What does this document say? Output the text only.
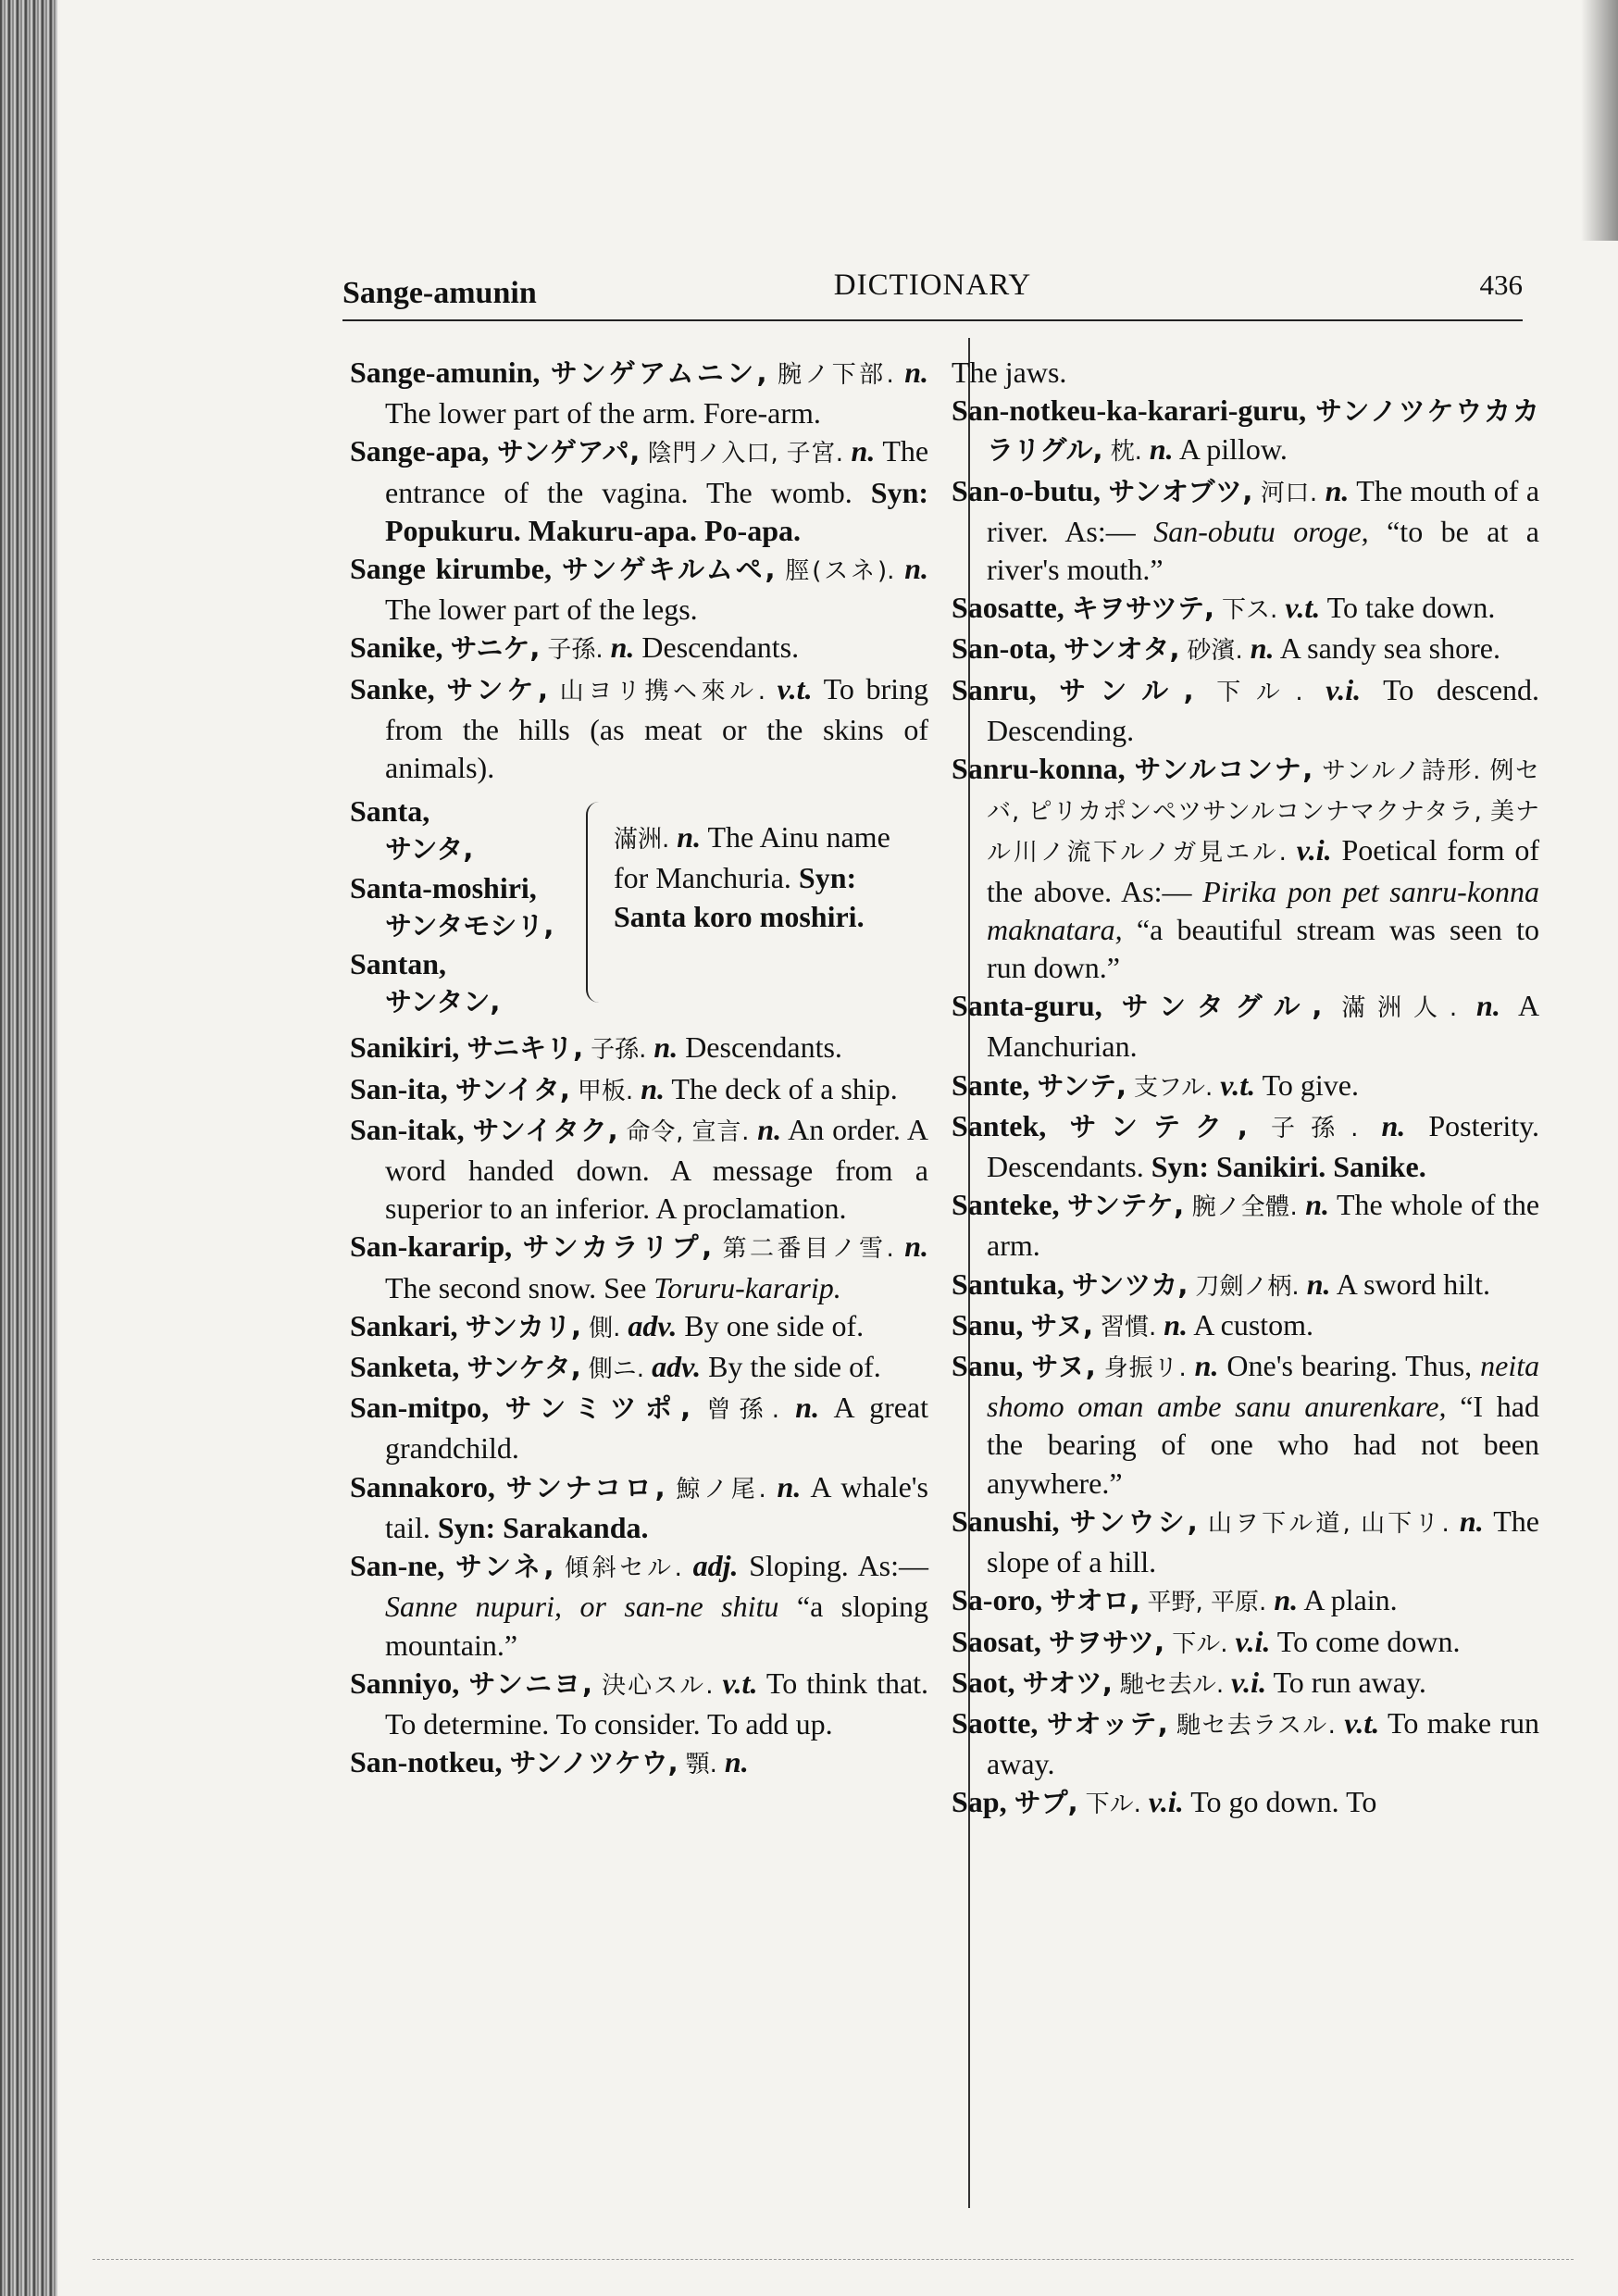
Sange-amunin	DICTIONARY	436

Sange-amunin, サンゲアムニン, 腕ノ下部. n. The lower part of the arm. Fore-arm.

Sange-apa, サンゲアパ, 陰門ノ入口, 子宮. n. The entrance of the vagina. The womb. Syn: Popukuru. Makuru-apa. Po-apa.

Sange kirumbe, サンゲキルムペ, 脛(スネ). n. The lower part of the legs.

Sanike, サニケ, 子孫. n. Descendants.

Sanke, サンケ, 山ヨリ携ヘ來ル. v.t. To bring from the hills (as meat or the skins of animals).

Santa,
サンタ,
Santa-moshiri,
サンタモシリ,
Santan,
サンタン,
滿洲. n. The Ainu name for Manchuria. Syn: Santa koro moshiri.

Sanikiri, サニキリ, 子孫. n. Descendants.

San-ita, サンイタ, 甲板. n. The deck of a ship.

San-itak, サンイタク, 命令, 宣言. n. An order. A word handed down. A message from a superior to an inferior. A proclamation.

San-kararip, サンカラリプ, 第二番目ノ雪. n. The second snow. See Toruru-kararip.

Sankari, サンカリ, 側. adv. By one side of.

Sanketa, サンケタ, 側ニ. adv. By the side of.

San-mitpo, サンミツポ, 曾孫. n. A great grandchild.

Sannakoro, サンナコロ, 鯨ノ尾. n. A whale's tail. Syn: Sarakanda.

San-ne, サンネ, 傾斜セル. adj. Sloping. As:— Sanne nupuri, or san-ne shitu “a sloping mountain.”

Sanniyo, サンニヨ, 決心スル. v.t. To think that. To determine. To consider. To add up.

San-notkeu, サンノツケウ, 顎. n.

The jaws.

San-notkeu-ka-karari-guru, サンノツケウカカラリグル, 枕. n. A pillow.

San-o-butu, サンオブツ, 河口. n. The mouth of a river. As:— San-obutu oroge, “to be at a river's mouth.”

Saosatte, キヲサツテ, 下ス. v.t. To take down.

San-ota, サンオタ, 砂濱. n. A sandy sea shore.

Sanru, サンル, 下ル. v.i. To descend. Descending.

Sanru-konna, サンルコンナ, サンルノ詩形. 例セバ, ピリカポンペツサンルコンナマクナタラ, 美ナル川ノ流下ルノガ見エル. v.i. Poetical form of the above. As:— Pirika pon pet sanru-konna maknatara, “a beautiful stream was seen to run down.”

Santa-guru, サンタグル, 滿洲人. n. A Manchurian.

Sante, サンテ, 支フル. v.t. To give.

Santek, サンテク, 子孫. n. Posterity. Descendants. Syn: Sanikiri. Sanike.

Santeke, サンテケ, 腕ノ全體. n. The whole of the arm.

Santuka, サンツカ, 刀劍ノ柄. n. A sword hilt.

Sanu, サヌ, 習慣. n. A custom.

Sanu, サヌ, 身振リ. n. One's bearing. Thus, neita shomo oman ambe sanu anurenkare, “I had the bearing of one who had not been anywhere.”

Sanushi, サンウシ, 山ヲ下ル道, 山下リ. n. The slope of a hill.

Sa-oro, サオロ, 平野, 平原. n. A plain.

Saosat, サヲサツ, 下ル. v.i. To come down.

Saot, サオツ, 馳セ去ル. v.i. To run away.

Saotte, サオッテ, 馳セ去ラスル. v.t. To make run away.

Sap, サプ, 下ル. v.i. To go down. To
